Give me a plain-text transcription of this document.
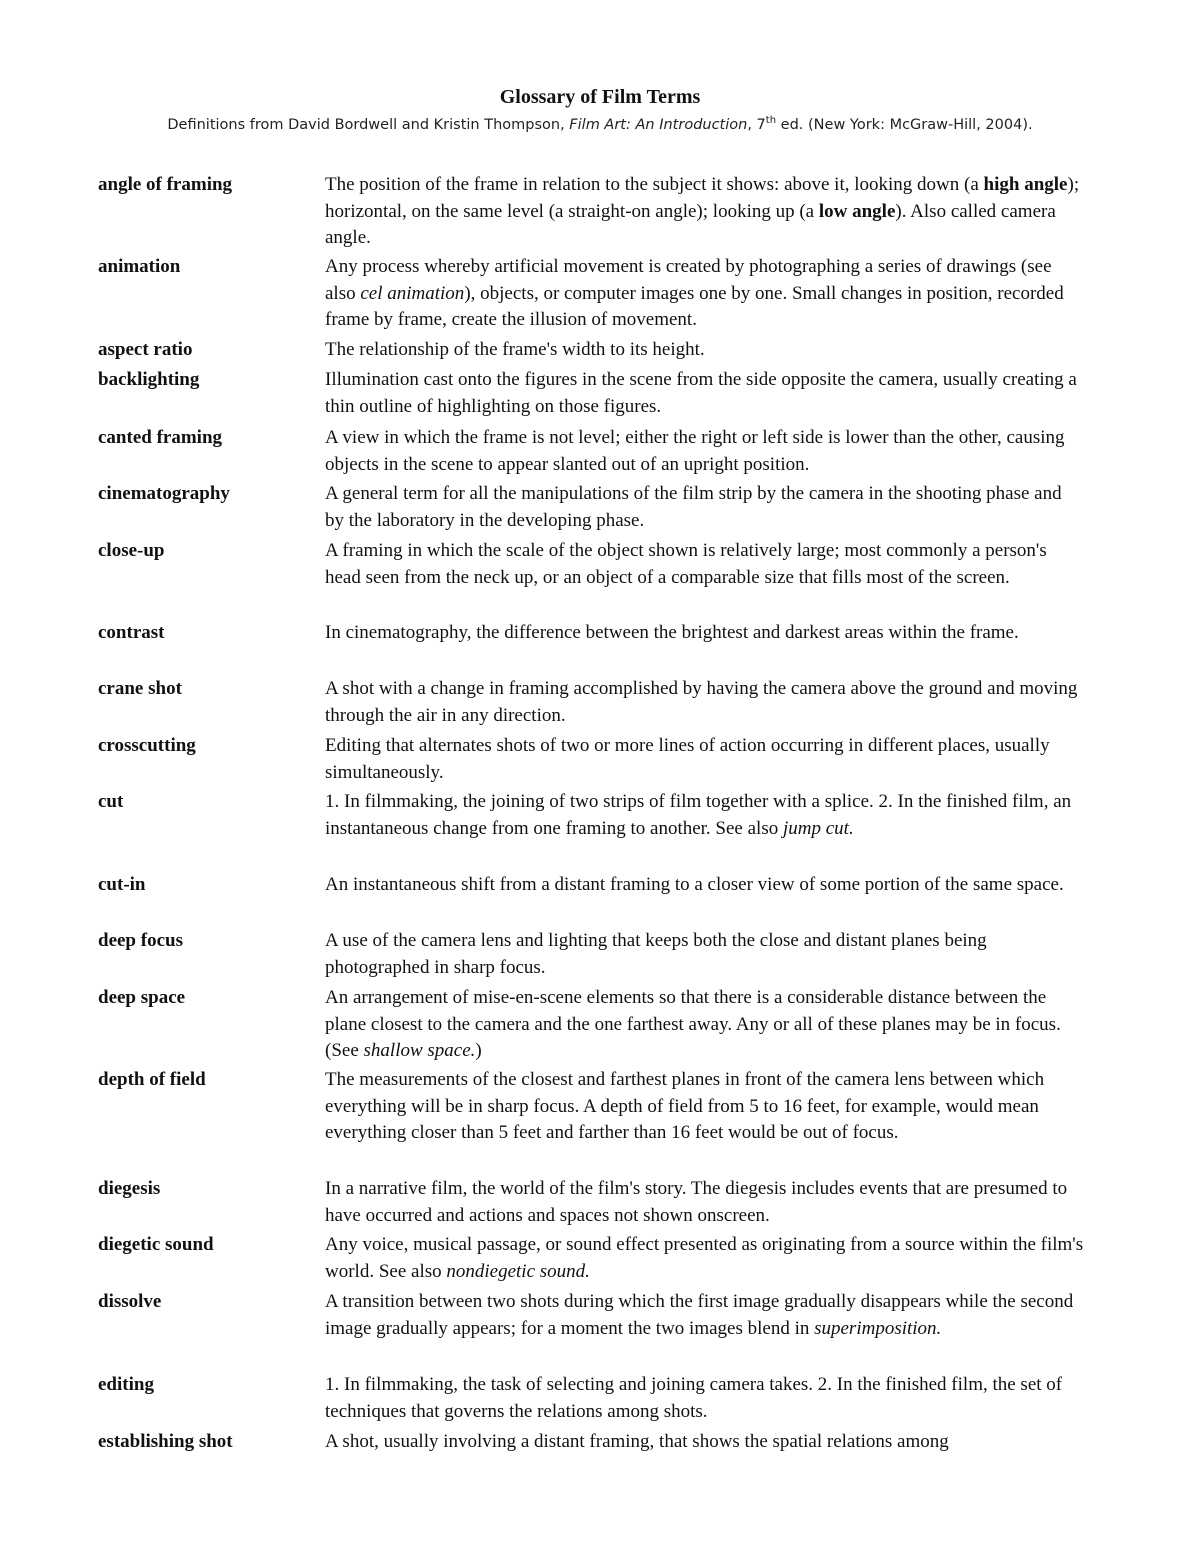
Glossary of Film Terms
Definitions from David Bordwell and Kristin Thompson, Film Art: An Introduction, 7th ed. (New York: McGraw-Hill, 2004).
angle of framing	The position of the frame in relation to the subject it shows: above it, looking down (a high angle); horizontal, on the same level (a straight-on angle); looking up (a low angle). Also called camera angle.
animation	Any process whereby artificial movement is created by photographing a series of drawings (see also cel animation), objects, or computer images one by one. Small changes in position, recorded frame by frame, create the illusion of movement.
aspect ratio	The relationship of the frame's width to its height.
backlighting	Illumination cast onto the figures in the scene from the side opposite the camera, usually creating a thin outline of highlighting on those figures.
canted framing	A view in which the frame is not level; either the right or left side is lower than the other, causing objects in the scene to appear slanted out of an upright position.
cinematography	A general term for all the manipulations of the film strip by the camera in the shooting phase and by the laboratory in the developing phase.
close-up	A framing in which the scale of the object shown is relatively large; most commonly a person's head seen from the neck up, or an object of a comparable size that fills most of the screen.
contrast	In cinematography, the difference between the brightest and darkest areas within the frame.
crane shot	A shot with a change in framing accomplished by having the camera above the ground and moving through the air in any direction.
crosscutting	Editing that alternates shots of two or more lines of action occurring in different places, usually simultaneously.
cut	1. In filmmaking, the joining of two strips of film together with a splice. 2. In the finished film, an instantaneous change from one framing to another. See also jump cut.
cut-in	An instantaneous shift from a distant framing to a closer view of some portion of the same space.
deep focus	A use of the camera lens and lighting that keeps both the close and distant planes being photographed in sharp focus.
deep space	An arrangement of mise-en-scene elements so that there is a considerable distance between the plane closest to the camera and the one farthest away. Any or all of these planes may be in focus. (See shallow space.)
depth of field	The measurements of the closest and farthest planes in front of the camera lens between which everything will be in sharp focus. A depth of field from 5 to 16 feet, for example, would mean everything closer than 5 feet and farther than 16 feet would be out of focus.
diegesis	In a narrative film, the world of the film's story. The diegesis includes events that are presumed to have occurred and actions and spaces not shown onscreen.
diegetic sound	Any voice, musical passage, or sound effect presented as originating from a source within the film's world. See also nondiegetic sound.
dissolve	A transition between two shots during which the first image gradually disappears while the second image gradually appears; for a moment the two images blend in superimposition.
editing	1. In filmmaking, the task of selecting and joining camera takes. 2. In the finished film, the set of techniques that governs the relations among shots.
establishing shot	A shot, usually involving a distant framing, that shows the spatial relations among
